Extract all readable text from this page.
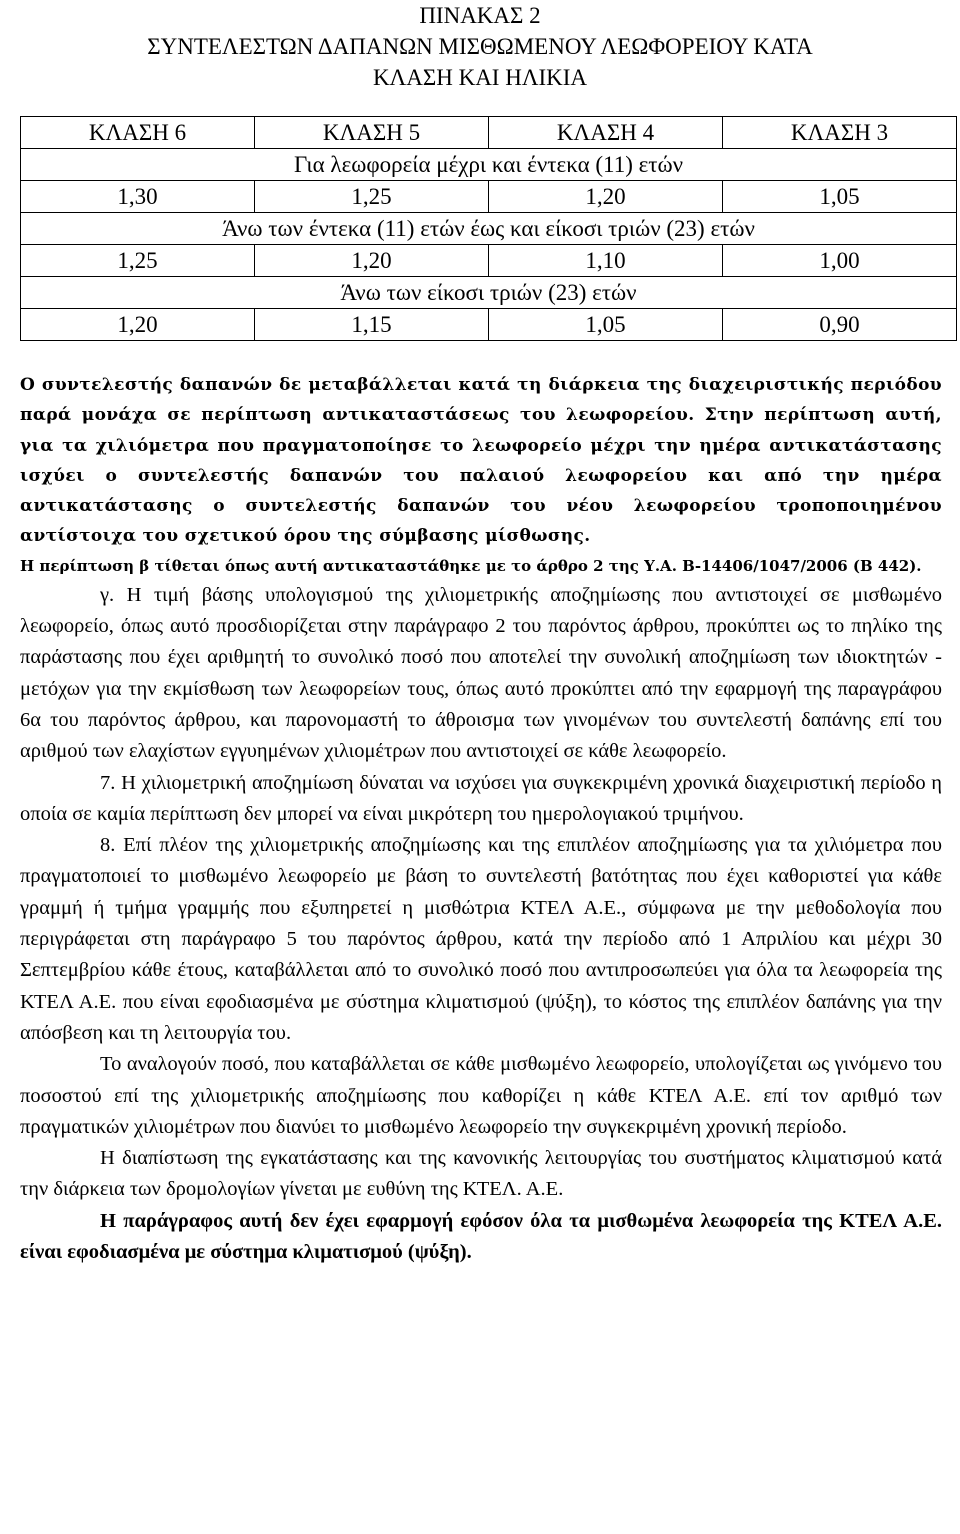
ΠΙΝΑΚΑΣ 2
ΣΥΝΤΕΛΕΣΤΩΝ ΔΑΠΑΝΩΝ ΜΙΣΘΩΜΕΝΟΥ ΛΕΩΦΟΡΕΙΟΥ ΚΑΤΑ
ΚΛΑΣΗ ΚΑΙ ΗΛΙΚΙΑ
ΚΛΑΣΗ 6	ΚΛΑΣΗ 5	ΚΛΑΣΗ 4	ΚΛΑΣΗ 3
Για λεωφορεία μέχρι και έντεκα (11) ετών			
1,30	1,25	1,20	1,05
Άνω των έντεκα (11) ετών έως και είκοσι τριών (23) ετών			
1,25	1,20	1,10	1,00
Άνω των είκοσι τριών (23) ετών			
1,20	1,15	1,05	0,90

Ο συντελεστής δαπανών δε μεταβάλλεται κατά τη διάρκεια της διαχειριστικής περιόδου παρά μονάχα σε περίπτωση αντικαταστάσεως του λεωφορείου. Στην περίπτωση αυτή, για τα χιλιόμετρα που πραγματοποίησε το λεωφορείο μέχρι την ημέρα αντικατάστασης ισχύει ο συντελεστής δαπανών του παλαιού λεωφορείου και από την ημέρα αντικατάστασης ο συντελεστής δαπανών του νέου λεωφορείου τροποποιημένου αντίστοιχα του σχετικού όρου της σύμβασης μίσθωσης.

Η περίπτωση β τίθεται όπως αυτή αντικαταστάθηκε με το άρθρο 2 της Υ.Α. Β-14406/1047/2006 (Β 442).

γ. Η τιμή βάσης υπολογισμού της χιλιομετρικής αποζημίωσης που αντιστοιχεί σε μισθωμένο λεωφορείο, όπως αυτό προσδιορίζεται στην παράγραφο 2 του παρόντος άρθρου, προκύπτει ως το πηλίκο της παράστασης που έχει αριθμητή το συνολικό ποσό που αποτελεί την συνολική αποζημίωση των ιδιοκτητών - μετόχων για την εκμίσθωση των λεωφορείων τους, όπως αυτό προκύπτει από την εφαρμογή της παραγράφου 6α του παρόντος άρθρου, και παρονομαστή το άθροισμα των γινομένων του συντελεστή δαπάνης επί του αριθμού των ελαχίστων εγγυημένων χιλιομέτρων που αντιστοιχεί σε κάθε λεωφορείο.

7. Η χιλιομετρική αποζημίωση δύναται να ισχύσει για συγκεκριμένη χρονικά διαχειριστική περίοδο η οποία σε καμία περίπτωση δεν μπορεί να είναι μικρότερη του ημερολογιακού τριμήνου.

8. Επί πλέον της χιλιομετρικής αποζημίωσης και της επιπλέον αποζημίωσης για τα χιλιόμετρα που πραγματοποιεί το μισθωμένο λεωφορείο με βάση το συντελεστή βατότητας που έχει καθοριστεί για κάθε γραμμή ή τμήμα γραμμής που εξυπηρετεί η μισθώτρια ΚΤΕΛ Α.Ε., σύμφωνα με την μεθοδολογία που περιγράφεται στη παράγραφο 5 του παρόντος άρθρου, κατά την περίοδο από 1 Απριλίου και μέχρι 30 Σεπτεμβρίου κάθε έτους, καταβάλλεται από το συνολικό ποσό που αντιπροσωπεύει για όλα τα λεωφορεία της ΚΤΕΛ Α.Ε. που είναι εφοδιασμένα με σύστημα κλιματισμού (ψύξη), το κόστος της επιπλέον δαπάνης για την απόσβεση και τη λειτουργία του.

Το αναλογούν ποσό, που καταβάλλεται σε κάθε μισθωμένο λεωφορείο, υπολογίζεται ως γινόμενο του ποσοστού επί της χιλιομετρικής αποζημίωσης που καθορίζει η κάθε ΚΤΕΛ Α.Ε. επί τον αριθμό των πραγματικών χιλιομέτρων που διανύει το μισθωμένο λεωφορείο την συγκεκριμένη χρονική περίοδο.

Η διαπίστωση της εγκατάστασης και της κανονικής λειτουργίας του συστήματος κλιματισμού κατά την διάρκεια των δρομολογίων γίνεται με ευθύνη της ΚΤΕΛ. Α.Ε.

Η παράγραφος αυτή δεν έχει εφαρμογή εφόσον όλα τα μισθωμένα λεωφορεία της ΚΤΕΛ Α.Ε. είναι εφοδιασμένα με σύστημα κλιματισμού (ψύξη).
